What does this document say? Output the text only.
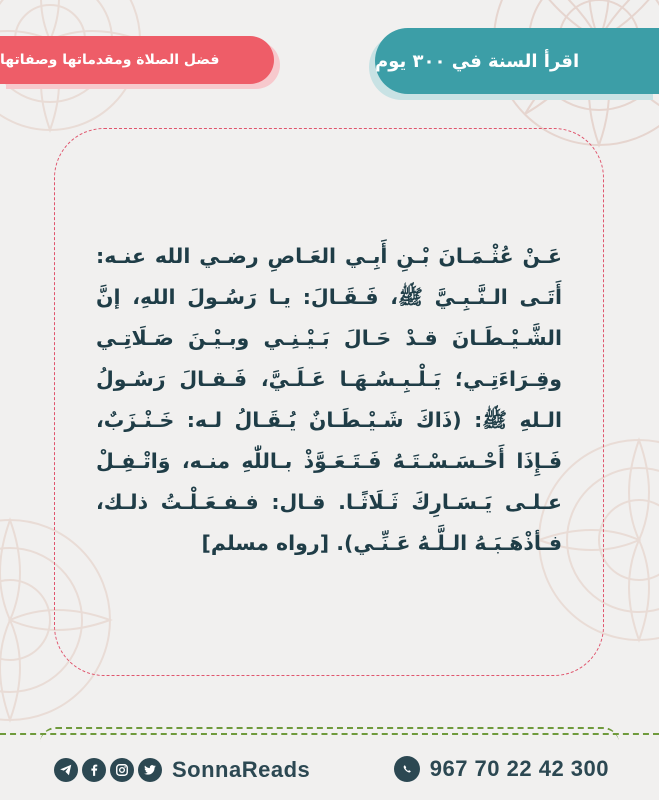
اقرأ السنة في ٣٠٠ يوم
فضل الصلاة ومقدماتها وصفاتها

عَـنْ عُثْـمَـانَ بْـنِ أَبِـي العَـاصِ رضـي الله عنـه: أَتَـى الـنَّـبِـيَّ ﷺ، فَـقَـالَ: يـا رَسُـولَ اللهِ، إنَّ الشَّـيْـطَـانَ قـدْ حَـالَ بَـيْـنِـي وبـيْـنَ صَـلَاتِـي وقِـرَاءَتِـي؛ يَـلْـبِـسُـهَـا عَـلَـيَّ، فَـقـالَ رَسُـولُ الـلهِ ﷺ: (ذَاكَ شَـيْـطَـانٌ يُـقَـالُ لـه: خَـنْـزَبٌ، فَـإِذَا أَحْـسَـسْـتَـهُ فَـتَـعَـوَّذْ بـاللّٰهِ منـه، وَاتْـفِـلْ عـلـى يَـسَـارِكَ ثَـلَاثًـا. قـال: فـفـعَـلْـتُ ذلـك، فـأذْهَـبَـهُ الـلَّـهُ عَـنِّـي). [رواه مسلم]

SonnaReads	967 70 22 42 300
